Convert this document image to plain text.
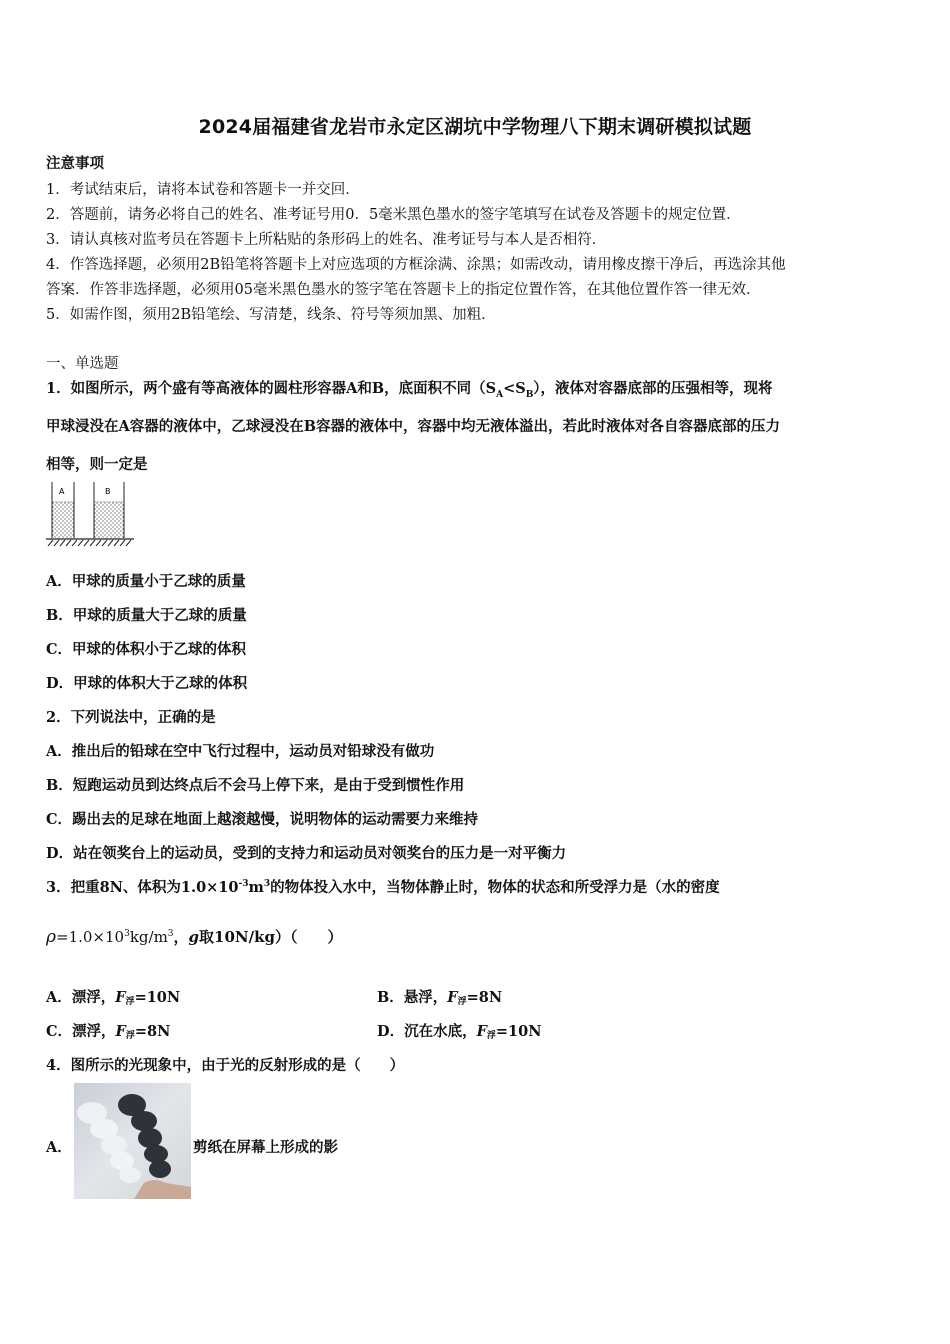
2024届福建省龙岩市永定区湖坑中学物理八下期末调研模拟试题
注意事项
1．考试结束后，请将本试卷和答题卡一并交回．
2．答题前，请务必将自己的姓名、准考证号用0．5毫米黑色墨水的签字笔填写在试卷及答题卡的规定位置．
3．请认真核对监考员在答题卡上所粘贴的条形码上的姓名、准考证号与本人是否相符．
4．作答选择题，必须用2B铅笔将答题卡上对应选项的方框涂满、涂黑；如需改动，请用橡皮擦干净后，再选涂其他
答案．作答非选择题，必须用05毫米黑色墨水的签字笔在答题卡上的指定位置作答，在其他位置作答一律无效．
5．如需作图，须用2B铅笔绘、写清楚，线条、符号等须加黑、加粗．
一、单选题
1．如图所示，两个盛有等高液体的圆柱形容器A和B，底面积不同$(S_A<S_B)$，液体对容器底部的压强相等，现将
甲球浸没在A容器的液体中，乙球浸没在B容器的液体中，容器中均无液体溢出，若此时液体对各自容器底部的压力
相等，则一定是
A	B
A．甲球的质量小于乙球的质量
B．甲球的质量大于乙球的质量
C．甲球的体积小于乙球的体积
D．甲球的体积大于乙球的体积
2．下列说法中，正确的是
A．推出后的铅球在空中飞行过程中，运动员对铅球没有做功
B．短跑运动员到达终点后不会马上停下来，是由于受到惯性作用
C．踢出去的足球在地面上越滚越慢，说明物体的运动需要力来维持
D．站在领奖台上的运动员，受到的支持力和运动员对领奖台的压力是一对平衡力
3．把重8N、体积为$1.0\times 10^{-3}m^3$的物体投入水中，当物体静止时，物体的状态和所受浮力是（水的密度
$\rho=1.0\times 10^3kg/m^3$，g取10N/kg）（　　）
A．漂浮，F浮=10N	B．悬浮，F浮=8N
C．漂浮，F浮=8N	D．沉在水底，F浮=10N
4．图所示的光现象中，由于光的反射形成的是（　　）
A．	剪纸在屏幕上形成的影
